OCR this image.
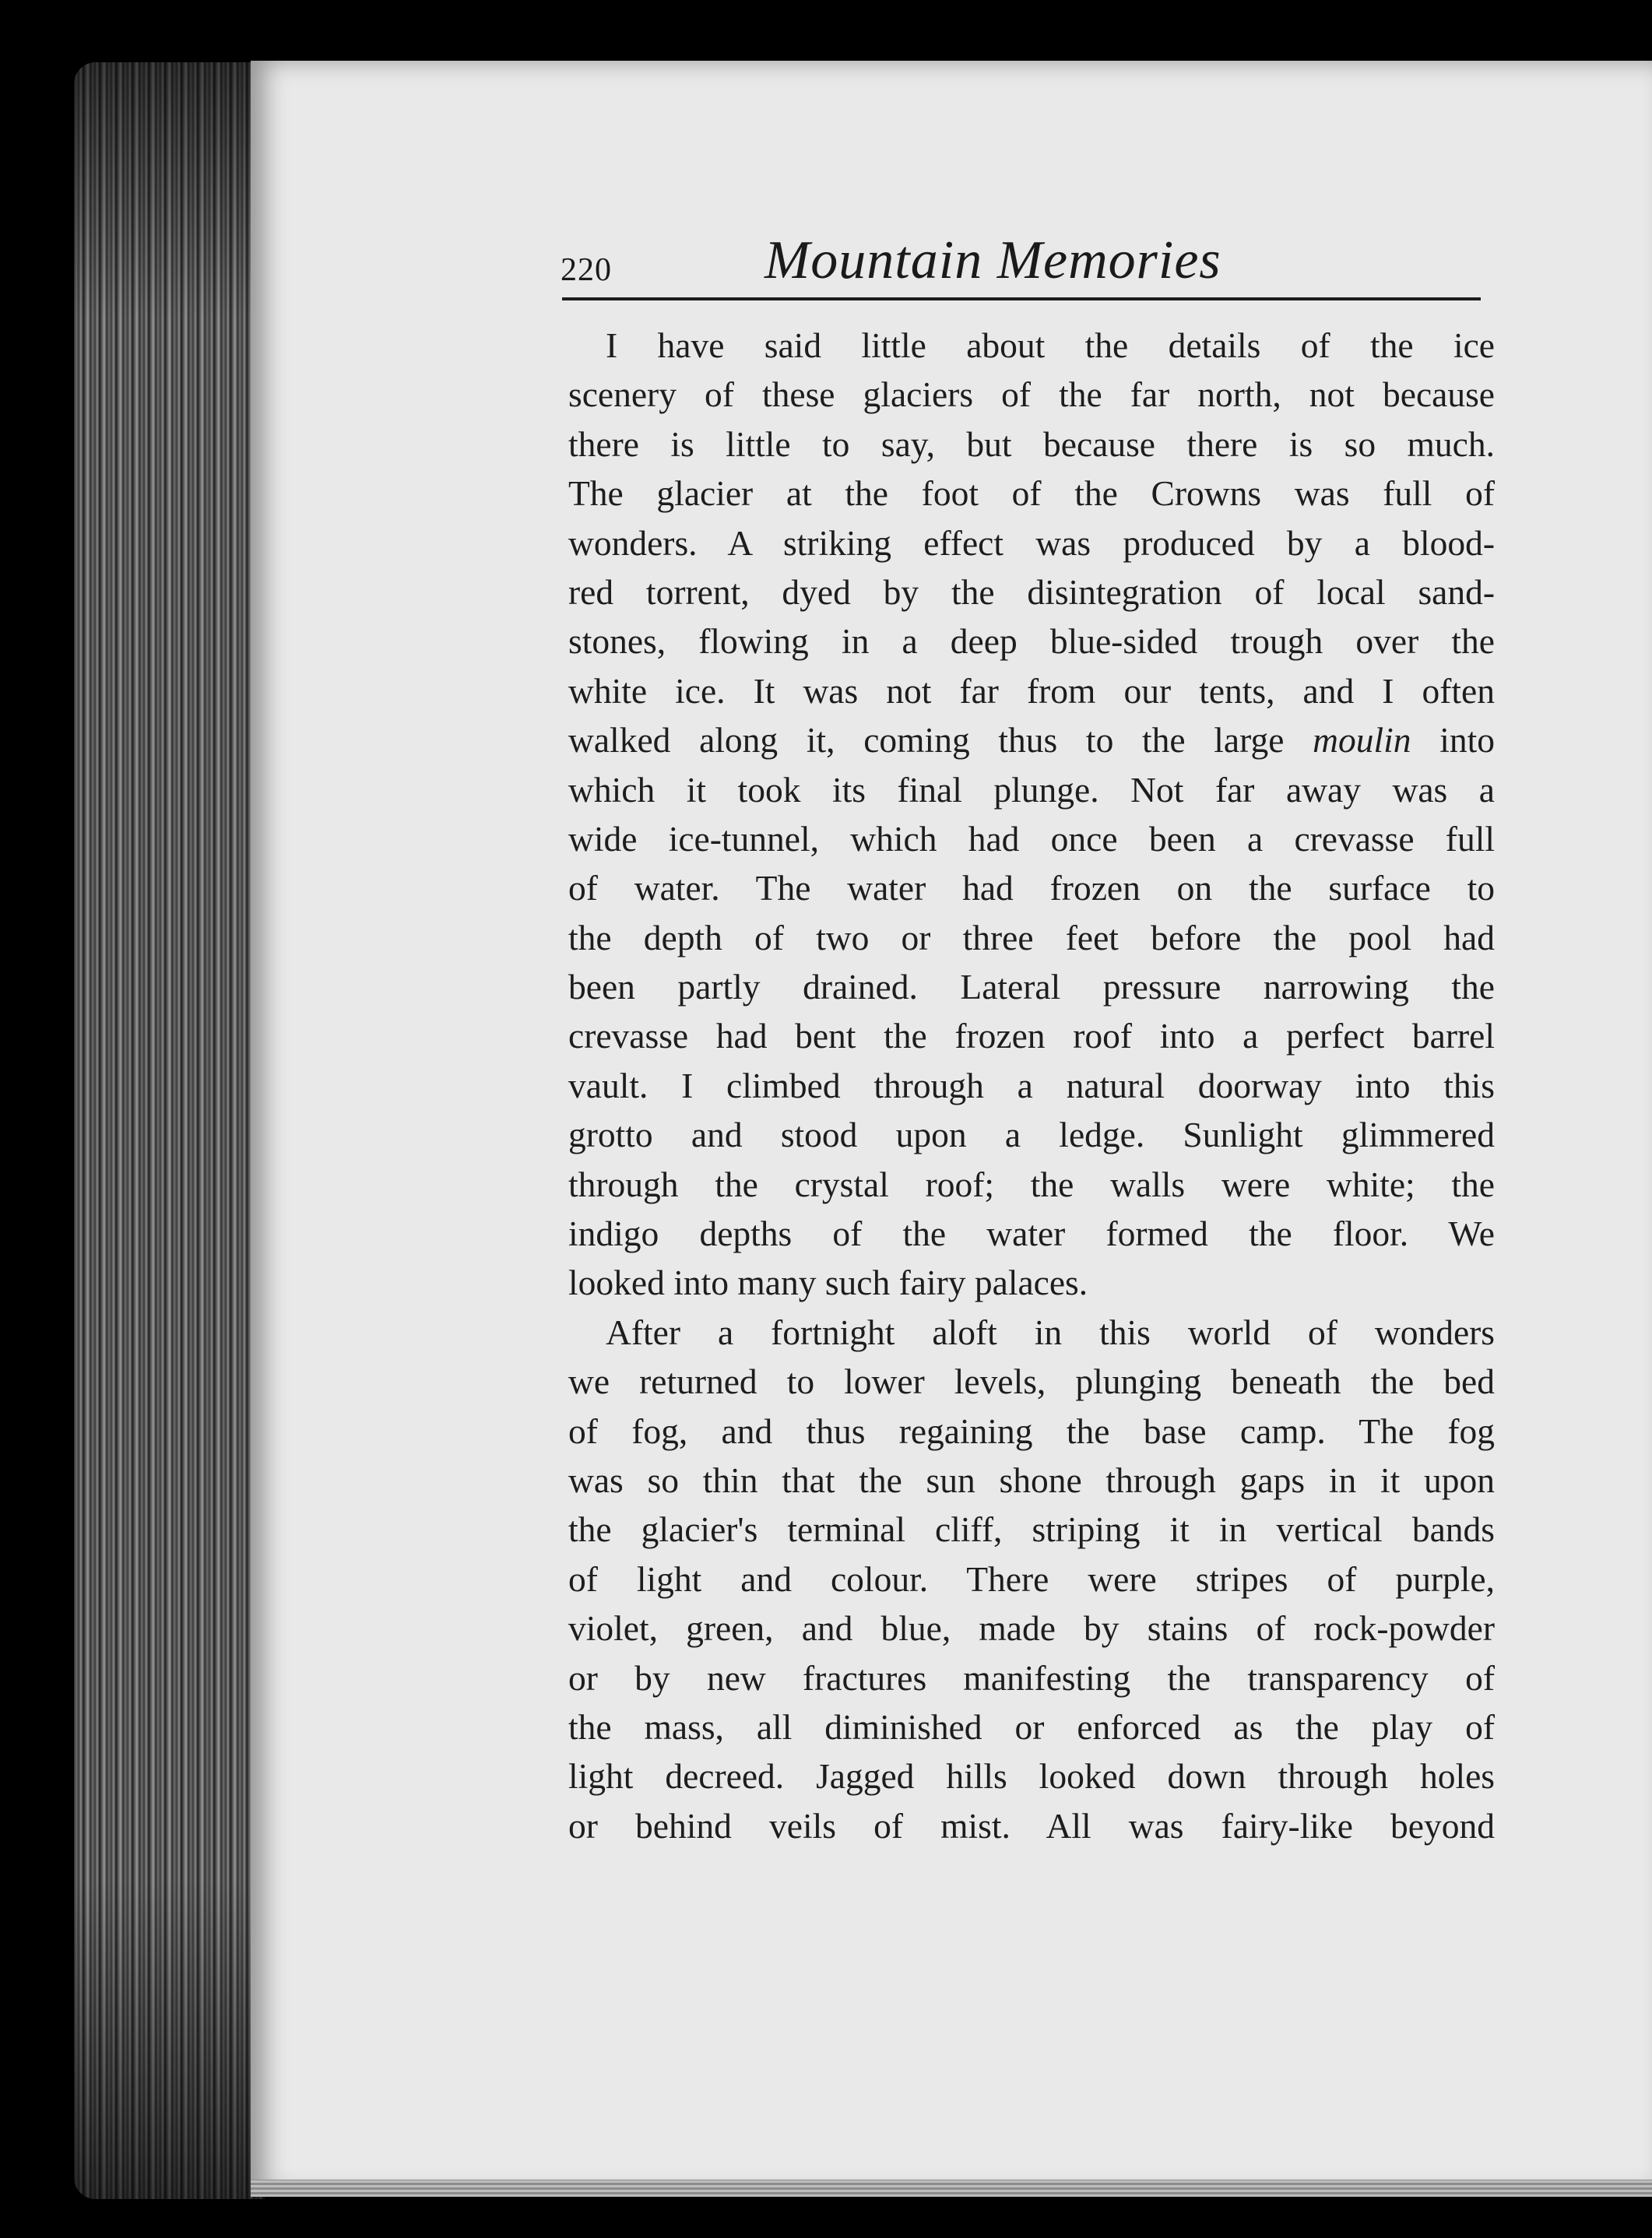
220	Mountain Memories
I have said little about the details of the ice
scenery of these glaciers of the far north, not because
there is little to say, but because there is so much.
The glacier at the foot of the Crowns was full of
wonders. A striking effect was produced by a blood-
red torrent, dyed by the disintegration of local sand-
stones, flowing in a deep blue-sided trough over the
white ice. It was not far from our tents, and I often
walked along it, coming thus to the large moulin into
which it took its final plunge. Not far away was a
wide ice-tunnel, which had once been a crevasse full
of water. The water had frozen on the surface to
the depth of two or three feet before the pool had
been partly drained. Lateral pressure narrowing the
crevasse had bent the frozen roof into a perfect barrel
vault. I climbed through a natural doorway into this
grotto and stood upon a ledge. Sunlight glimmered
through the crystal roof; the walls were white; the
indigo depths of the water formed the floor. We
looked into many such fairy palaces.
After a fortnight aloft in this world of wonders
we returned to lower levels, plunging beneath the bed
of fog, and thus regaining the base camp. The fog
was so thin that the sun shone through gaps in it upon
the glacier's terminal cliff, striping it in vertical bands
of light and colour. There were stripes of purple,
violet, green, and blue, made by stains of rock-powder
or by new fractures manifesting the transparency of
the mass, all diminished or enforced as the play of
light decreed. Jagged hills looked down through holes
or behind veils of mist. All was fairy-like beyond
